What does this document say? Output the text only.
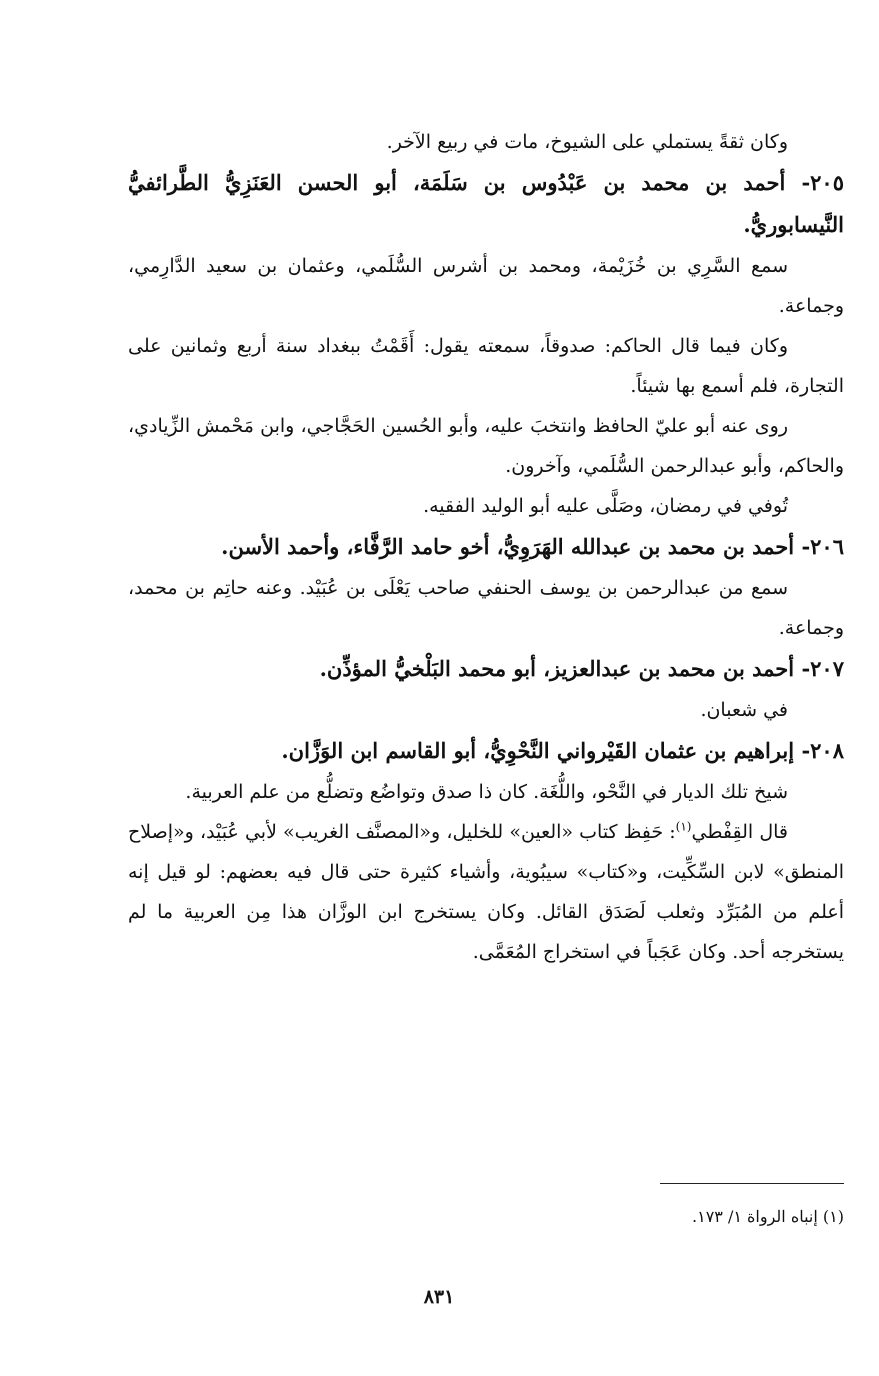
وكان ثقةً يستملي على الشيوخ، مات في ربيع الآخر.

٢٠٥- أحمد بن محمد بن عَبْدُوس بن سَلَمَة، أبو الحسن العَنَزِيُّ الطَّرائفيُّ النَّيسابوريُّ.

سمع السَّرِي بن خُزَيْمة، ومحمد بن أشرس السُّلَمي، وعثمان بن سعيد الدَّارِمي، وجماعة.

وكان فيما قال الحاكم: صدوقاً، سمعته يقول: أَقَمْتُ ببغداد سنة أربع وثمانين على التجارة، فلم أسمع بها شيئاً.

روى عنه أبو عليّ الحافظ وانتخبَ عليه، وأبو الحُسين الحَجَّاجي، وابن مَحْمش الزِّيادي، والحاكم، وأبو عبدالرحمن السُّلَمي، وآخرون.

تُوفي في رمضان، وصَلَّى عليه أبو الوليد الفقيه.

٢٠٦- أحمد بن محمد بن عبدالله الهَرَوِيُّ، أخو حامد الرَّفَّاء، وأحمد الأسن.

سمع من عبدالرحمن بن يوسف الحنفي صاحب يَعْلَى بن عُبَيْد. وعنه حاتِم بن محمد، وجماعة.

٢٠٧- أحمد بن محمد بن عبدالعزيز، أبو محمد البَلْخيُّ المؤذِّن.

في شعبان.

٢٠٨- إبراهيم بن عثمان القَيْرواني النَّحْوِيُّ، أبو القاسم ابن الوَزَّان.

شيخ تلك الديار في النَّحْو، واللُّغَة. كان ذا صدق وتواضُع وتضلُّع من علم العربية.

قال القِفْطي$^{(١)}$: حَفِظ كتاب «العين» للخليل، و«المصنَّف الغريب» لأبي عُبَيْد، و«إصلاح المنطق» لابن السِّكِّيت، و«كتاب» سيبُوية، وأشياء كثيرة حتى قال فيه بعضهم: لو قيل إنه أعلم من المُبَرِّد وثعلب لَصَدَق القائل. وكان يستخرج ابن الوزَّان هذا مِن العربية ما لم يستخرجه أحد. وكان عَجَباً في استخراج المُعَمَّى.

(١) إنباه الرواة ١/ ١٧٣.
٨٣١
